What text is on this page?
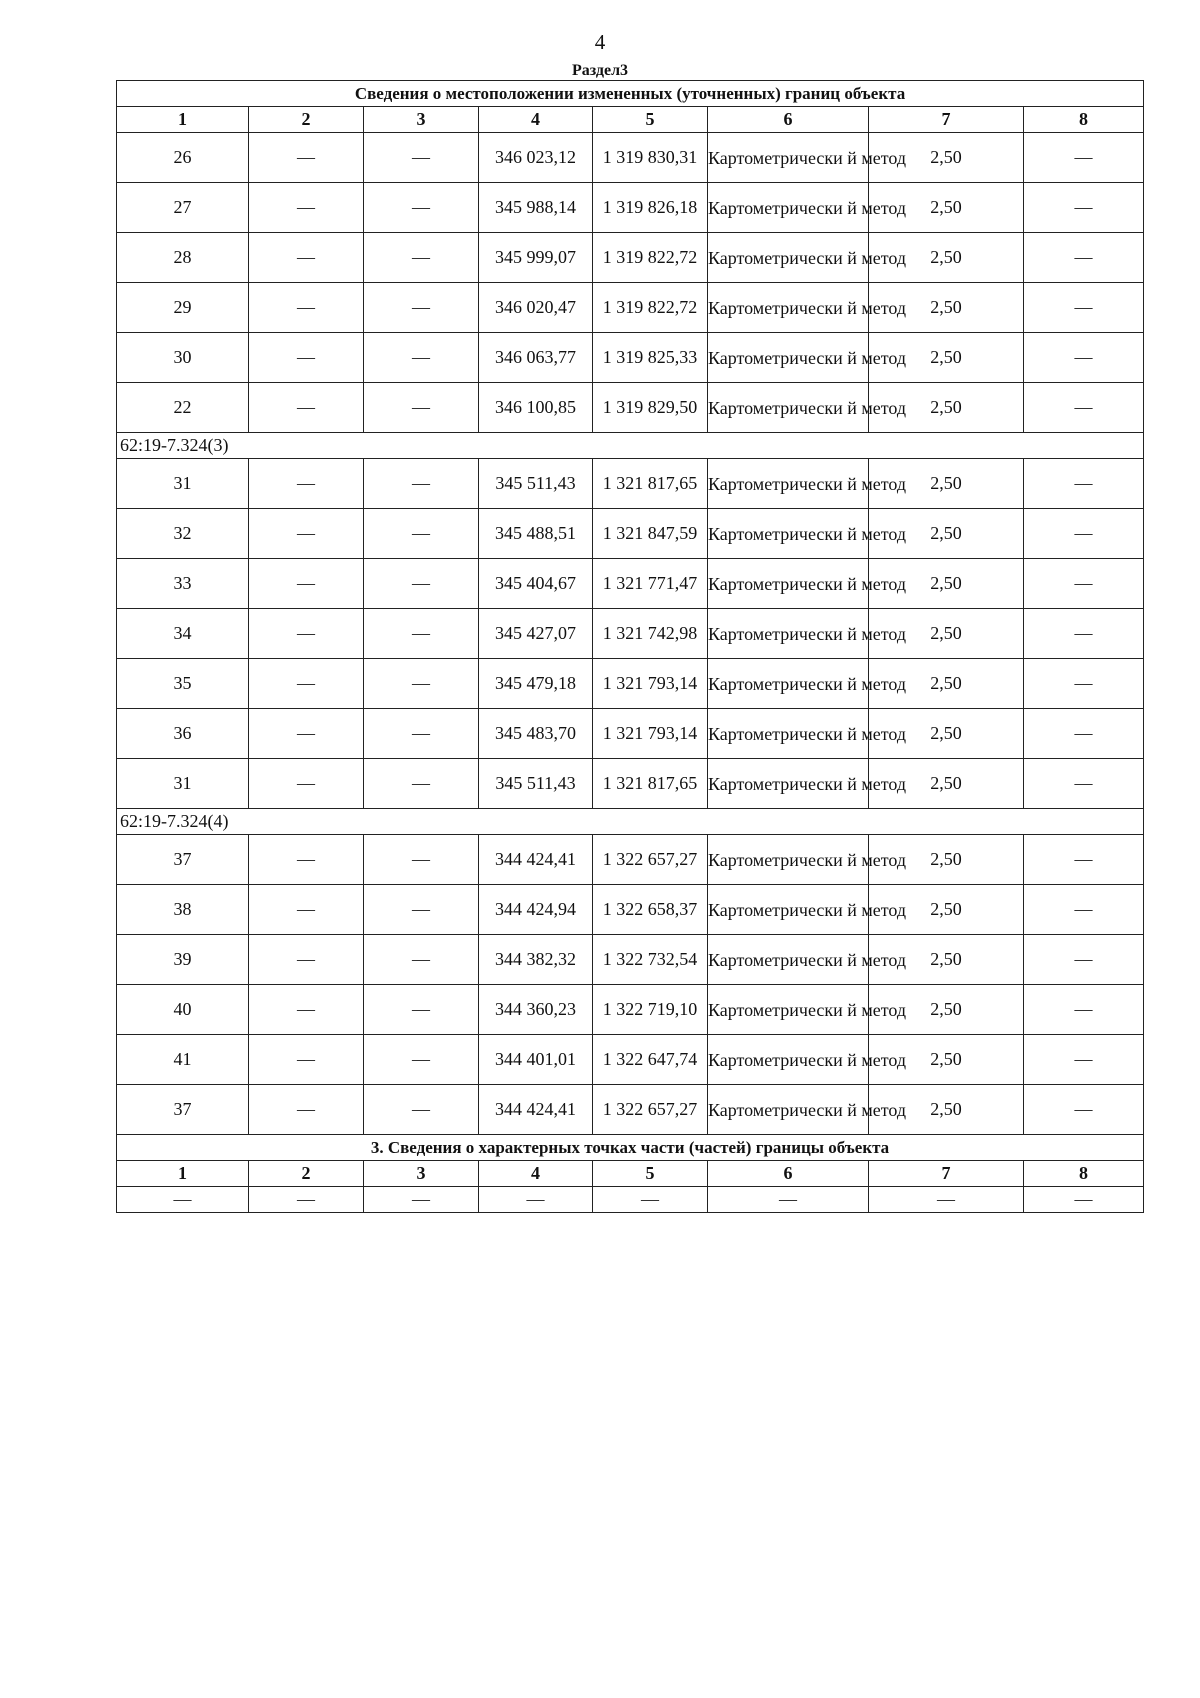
4
Раздел3
Сведения о местоположении измененных (уточненных) границ объекта							
1	2	3	4	5	6	7	8
26	—	—	346 023,12	1 319 830,31	Картометрически й метод	2,50	—
27	—	—	345 988,14	1 319 826,18	Картометрически й метод	2,50	—
28	—	—	345 999,07	1 319 822,72	Картометрически й метод	2,50	—
29	—	—	346 020,47	1 319 822,72	Картометрически й метод	2,50	—
30	—	—	346 063,77	1 319 825,33	Картометрически й метод	2,50	—
22	—	—	346 100,85	1 319 829,50	Картометрически й метод	2,50	—
62:19-7.324(3)							
31	—	—	345 511,43	1 321 817,65	Картометрически й метод	2,50	—
32	—	—	345 488,51	1 321 847,59	Картометрически й метод	2,50	—
33	—	—	345 404,67	1 321 771,47	Картометрически й метод	2,50	—
34	—	—	345 427,07	1 321 742,98	Картометрически й метод	2,50	—
35	—	—	345 479,18	1 321 793,14	Картометрически й метод	2,50	—
36	—	—	345 483,70	1 321 793,14	Картометрически й метод	2,50	—
31	—	—	345 511,43	1 321 817,65	Картометрически й метод	2,50	—
62:19-7.324(4)							
37	—	—	344 424,41	1 322 657,27	Картометрически й метод	2,50	—
38	—	—	344 424,94	1 322 658,37	Картометрически й метод	2,50	—
39	—	—	344 382,32	1 322 732,54	Картометрически й метод	2,50	—
40	—	—	344 360,23	1 322 719,10	Картометрически й метод	2,50	—
41	—	—	344 401,01	1 322 647,74	Картометрически й метод	2,50	—
37	—	—	344 424,41	1 322 657,27	Картометрически й метод	2,50	—
3. Сведения о характерных точках части (частей) границы объекта							
1	2	3	4	5	6	7	8
—	—	—	—	—	—	—	—
